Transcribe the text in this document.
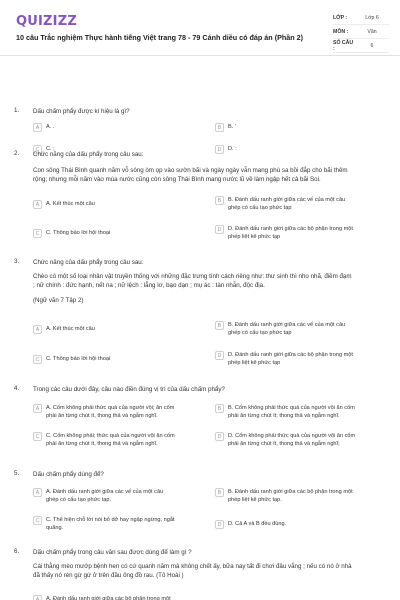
QUIZIZZ
10 câu Trắc nghiệm Thực hành tiếng Việt trang 78 - 79 Cánh diều có đáp án (Phần 2)
LỚP :	Lớp 6
MÔN :	Văn
SỐ CÂU :	6
1. Dấu chấm phẩy được kí hiệu là gì?
A	A. .	B	B. '
C	C. ;	D	D. :
2. Chức năng của dấu phẩy trong câu sau:
Con sông Thái Bình quanh năm vỗ sóng òm ọp vào sườn bãi và ngày ngày vẫn mang phù sa bồi đắp cho bãi thêm
rộng; nhưng mỗi năm vào mùa nước cũng còn sông Thái Bình mang nước lũ về làm ngập hết cả bãi Soi.
A	A. Kết thúc một câu
B	B. Đánh dấu ranh giới giữa các vế của một câu
ghép có cấu tạo phức tạp
C	C. Thông báo lời hội thoại
D	D. Đánh dấu ranh giới giữa các bộ phận trong một
phép liệt kê phức tạp
3. Chức năng của dấu phẩy trong câu sau:
Chèo có một số loại nhân vật truyền thống với những đặc trưng tính cách riêng như: thư sinh thì nho nhã, điềm đạm
; nữ chính : đức hạnh, nết na ; nữ lệch : lẳng lơ, bạo dạn ; mụ ác : tàn nhẫn, độc địa.
(Ngữ văn 7 Tập 2)
A	A. Kết thúc một câu
B	B. Đánh dấu ranh giới giữa các vế của một câu
ghép có cấu tạo phức tạp
C	C. Thông báo lời hội thoại
D	D. Đánh dấu ranh giới giữa các bộ phận trong một
phép liệt kê phức tạp
4. Trong các câu dưới đây, câu nào điền đúng vị trí của dấu chấm phẩy?
A	A. Cốm không phải thức quà của người vội; ăn cốm
phải ăn từng chút ít, thong thả và ngẫm nghĩ.
B	B. Cốm không phải thức quà của người vội ăn cốm
phải ăn từng chút ít; thong thả và ngẫm nghĩ.
C	C. Cốm không phải; thức quà của người vội ăn cốm
phải ăn từng chút ít, thong thả và ngẫm nghĩ.
D	D. Cốm không phải thức quà của người vội ăn cốm
phải ăn từng chút ít, thong thả và ngẫm nghĩ;
5. Dấu chấm phẩy dùng để?
A	A. Đánh dấu ranh giới giữa các vế của một câu
ghép có cấu tạo phức tạp.
B	B. Đánh dấu ranh giới giữa các bộ phận trong một
phép liệt kê phức tạp.
C	C. Thể hiện chỗ lời nói bỏ dở hay ngập ngừng, ngắt
quãng.
D	D. Cả A và B đều đúng.
6. Dấu chấm phẩy trong câu văn sau được dùng để làm gì ?
Cái thằng mèo mướp bệnh hen có cứ quanh năm mà không chết ấy, bữa nay tất đi chơi đâu vắng ; nếu có nó ở nhà
đã thấy nó rén gừ gừ ở trên đầu ông đồ rau. (Tô Hoài )
A	A. Đánh dấu ranh giới giữa các bộ phận trong một
